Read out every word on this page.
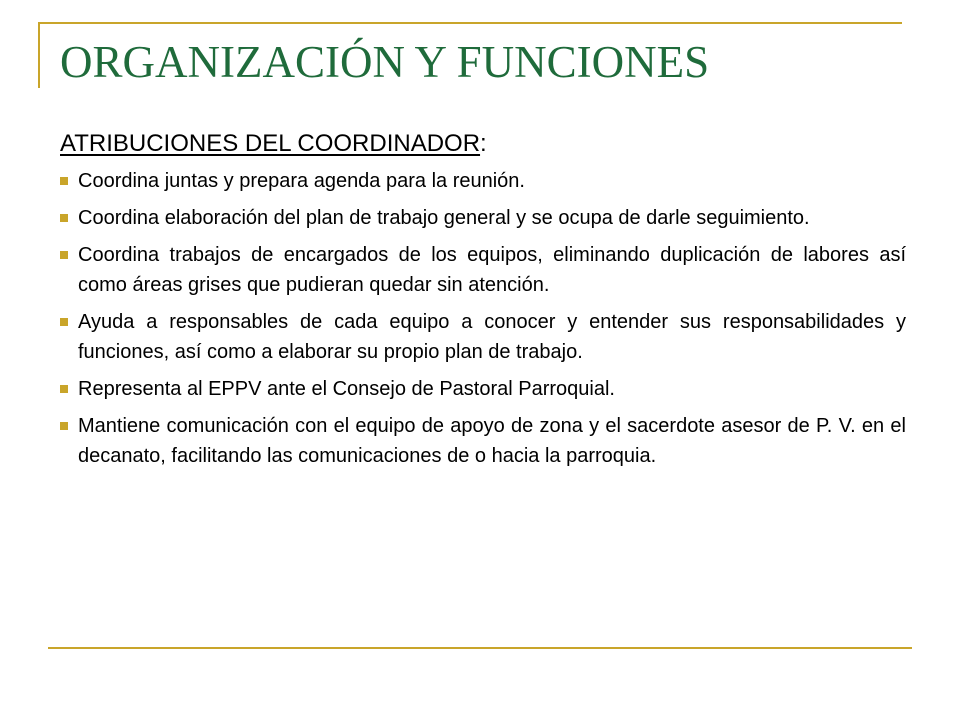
ORGANIZACIÓN Y FUNCIONES

ATRIBUCIONES DEL COORDINADOR:

Coordina juntas y prepara agenda para la reunión.
Coordina elaboración del plan de trabajo general y se ocupa de darle seguimiento.
Coordina trabajos de encargados de los equipos, eliminando duplicación de labores así como áreas grises que pudieran quedar sin atención.
Ayuda a responsables de cada equipo a conocer y entender sus responsabilidades y funciones, así como a elaborar su propio plan de trabajo.
Representa al EPPV ante el Consejo de Pastoral Parroquial.
Mantiene comunicación con el equipo de apoyo de zona y el sacerdote asesor de P. V. en el decanato, facilitando las comunicaciones de o hacia la parroquia.
